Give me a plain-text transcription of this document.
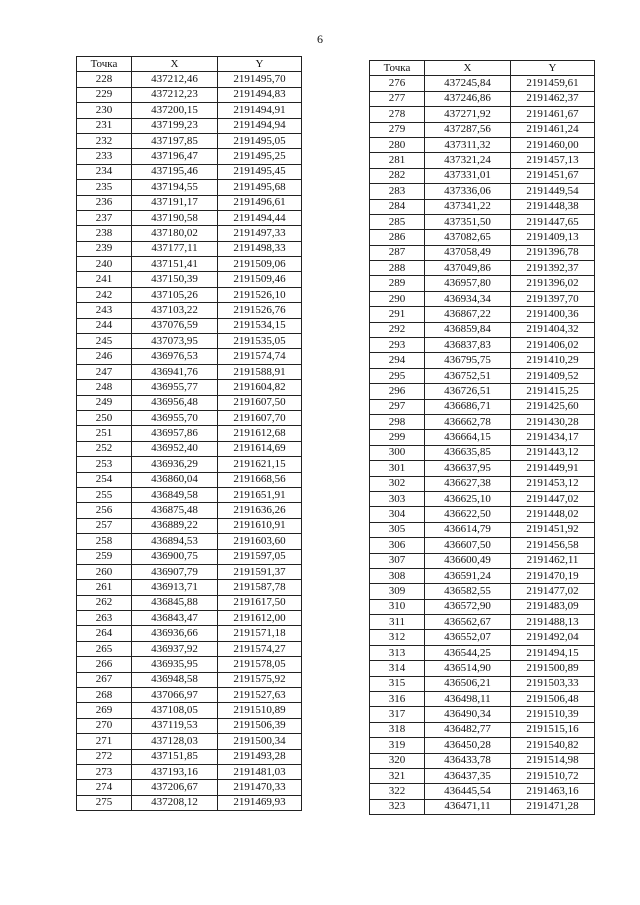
6
Точка	X	Y
228	437212,46	2191495,70
229	437212,23	2191494,83
230	437200,15	2191494,91
231	437199,23	2191494,94
232	437197,85	2191495,05
233	437196,47	2191495,25
234	437195,46	2191495,45
235	437194,55	2191495,68
236	437191,17	2191496,61
237	437190,58	2191494,44
238	437180,02	2191497,33
239	437177,11	2191498,33
240	437151,41	2191509,06
241	437150,39	2191509,46
242	437105,26	2191526,10
243	437103,22	2191526,76
244	437076,59	2191534,15
245	437073,95	2191535,05
246	436976,53	2191574,74
247	436941,76	2191588,91
248	436955,77	2191604,82
249	436956,48	2191607,50
250	436955,70	2191607,70
251	436957,86	2191612,68
252	436952,40	2191614,69
253	436936,29	2191621,15
254	436860,04	2191668,56
255	436849,58	2191651,91
256	436875,48	2191636,26
257	436889,22	2191610,91
258	436894,53	2191603,60
259	436900,75	2191597,05
260	436907,79	2191591,37
261	436913,71	2191587,78
262	436845,88	2191617,50
263	436843,47	2191612,00
264	436936,66	2191571,18
265	436937,92	2191574,27
266	436935,95	2191578,05
267	436948,58	2191575,92
268	437066,97	2191527,63
269	437108,05	2191510,89
270	437119,53	2191506,39
271	437128,03	2191500,34
272	437151,85	2191493,28
273	437193,16	2191481,03
274	437206,67	2191470,33
275	437208,12	2191469,93
Точка	X	Y
276	437245,84	2191459,61
277	437246,86	2191462,37
278	437271,92	2191461,67
279	437287,56	2191461,24
280	437311,32	2191460,00
281	437321,24	2191457,13
282	437331,01	2191451,67
283	437336,06	2191449,54
284	437341,22	2191448,38
285	437351,50	2191447,65
286	437082,65	2191409,13
287	437058,49	2191396,78
288	437049,86	2191392,37
289	436957,80	2191396,02
290	436934,34	2191397,70
291	436867,22	2191400,36
292	436859,84	2191404,32
293	436837,83	2191406,02
294	436795,75	2191410,29
295	436752,51	2191409,52
296	436726,51	2191415,25
297	436686,71	2191425,60
298	436662,78	2191430,28
299	436664,15	2191434,17
300	436635,85	2191443,12
301	436637,95	2191449,91
302	436627,38	2191453,12
303	436625,10	2191447,02
304	436622,50	2191448,02
305	436614,79	2191451,92
306	436607,50	2191456,58
307	436600,49	2191462,11
308	436591,24	2191470,19
309	436582,55	2191477,02
310	436572,90	2191483,09
311	436562,67	2191488,13
312	436552,07	2191492,04
313	436544,25	2191494,15
314	436514,90	2191500,89
315	436506,21	2191503,33
316	436498,11	2191506,48
317	436490,34	2191510,39
318	436482,77	2191515,16
319	436450,28	2191540,82
320	436433,78	2191514,98
321	436437,35	2191510,72
322	436445,54	2191463,16
323	436471,11	2191471,28
